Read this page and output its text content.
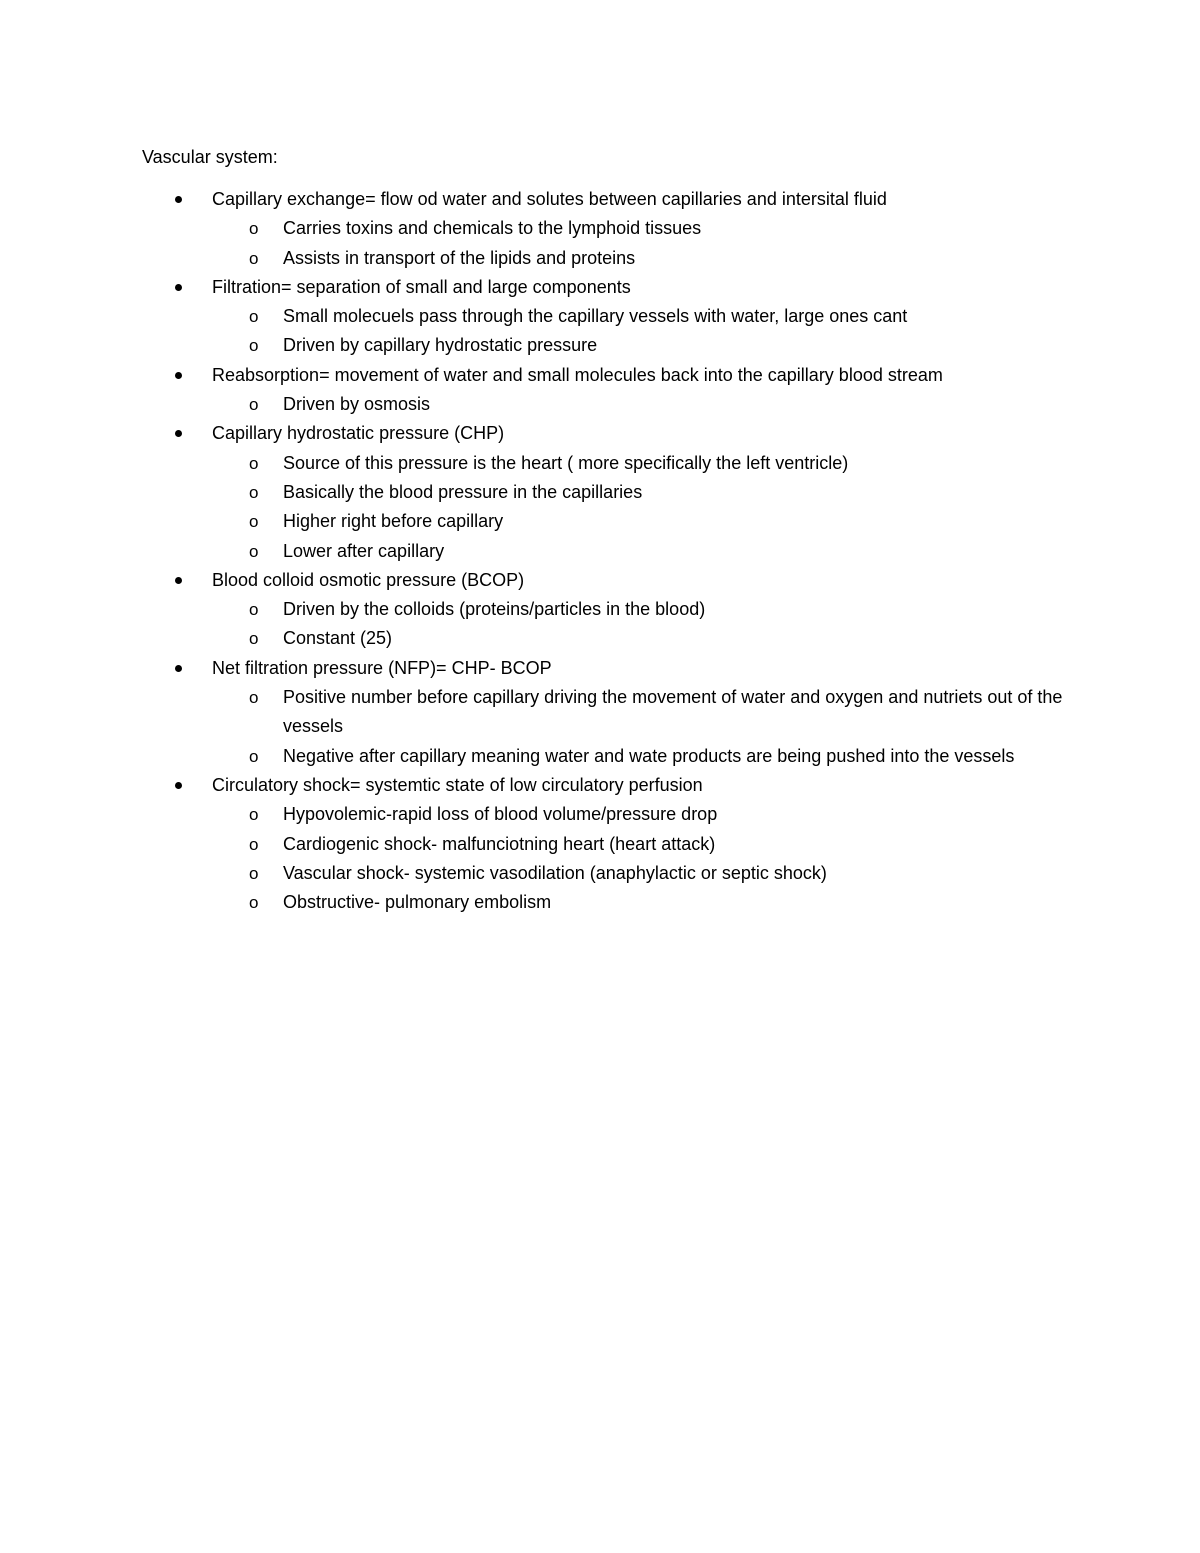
Vascular system:
Capillary exchange= flow od water and solutes between capillaries and intersital fluid
o Carries toxins and chemicals to the lymphoid tissues
o Assists in transport of the lipids and proteins
Filtration= separation of small and large components
o Small molecuels pass through the capillary vessels with water, large ones cant
o Driven by capillary hydrostatic pressure
Reabsorption= movement of water and small molecules back into the capillary blood stream
o Driven by osmosis
Capillary hydrostatic pressure (CHP)
o Source of this pressure is the heart ( more specifically the left ventricle)
o Basically the blood pressure in the capillaries
o Higher right before capillary
o Lower after capillary
Blood colloid osmotic pressure (BCOP)
o Driven by the colloids (proteins/particles in the blood)
o Constant (25)
Net filtration pressure (NFP)= CHP- BCOP
o Positive number before capillary driving the movement of water and oxygen and nutriets out of the vessels
o Negative after capillary meaning water and wate products are being pushed into the vessels
Circulatory shock= systemtic state of low circulatory perfusion
o Hypovolemic-rapid loss of blood volume/pressure drop
o Cardiogenic shock- malfunciotning heart (heart attack)
o Vascular shock- systemic vasodilation (anaphylactic or septic shock)
o Obstructive- pulmonary embolism
